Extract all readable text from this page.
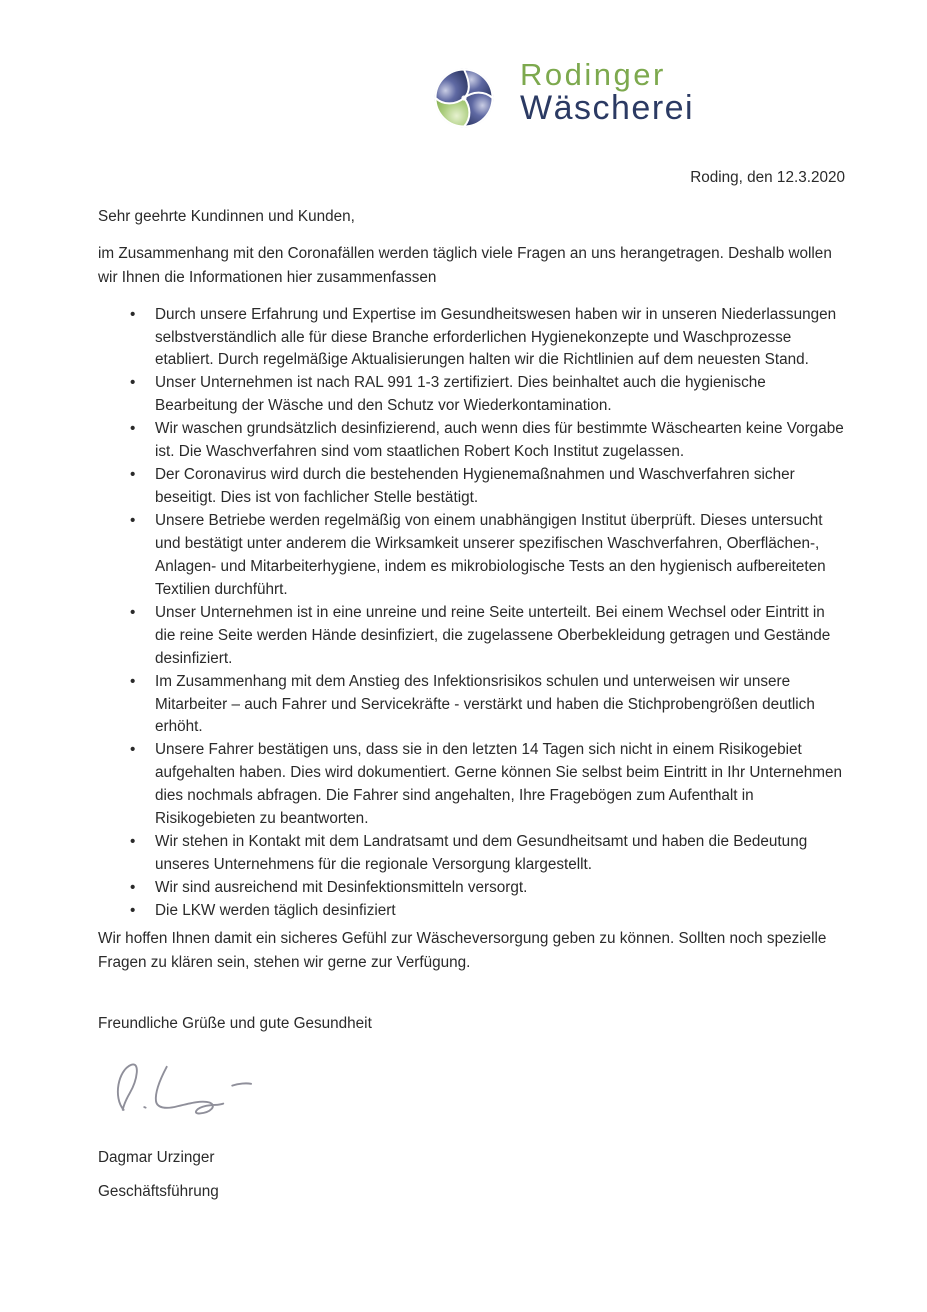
Rodinger
Wäscherei
Roding, den 12.3.2020
Sehr geehrte Kundinnen und Kunden,
im Zusammenhang mit den Coronafällen werden täglich viele Fragen an uns herangetragen. Deshalb wollen wir Ihnen die Informationen hier zusammenfassen
• Durch unsere Erfahrung und Expertise im Gesundheitswesen haben wir in unseren Niederlassungen selbstverständlich alle für diese Branche erforderlichen Hygienekonzepte und Waschprozesse etabliert. Durch regelmäßige Aktualisierungen halten wir die Richtlinien auf dem neuesten Stand.
• Unser Unternehmen ist nach RAL 991 1-3 zertifiziert. Dies beinhaltet auch die hygienische Bearbeitung der Wäsche und den Schutz vor Wiederkontamination.
• Wir waschen grundsätzlich desinfizierend, auch wenn dies für bestimmte Wäschearten keine Vorgabe ist. Die Waschverfahren sind vom staatlichen Robert Koch Institut zugelassen.
• Der Coronavirus wird durch die bestehenden Hygienemaßnahmen und Waschverfahren sicher beseitigt. Dies ist von fachlicher Stelle bestätigt.
• Unsere Betriebe werden regelmäßig von einem unabhängigen Institut überprüft. Dieses untersucht und bestätigt unter anderem die Wirksamkeit unserer spezifischen Waschverfahren, Oberflächen-, Anlagen- und Mitarbeiterhygiene, indem es mikrobiologische Tests an den hygienisch aufbereiteten Textilien durchführt.
• Unser Unternehmen ist in eine unreine und reine Seite unterteilt. Bei einem Wechsel oder Eintritt in die reine Seite werden Hände desinfiziert, die zugelassene Oberbekleidung getragen und Gestände desinfiziert.
• Im Zusammenhang mit dem Anstieg des Infektionsrisikos schulen und unterweisen wir unsere Mitarbeiter – auch Fahrer und Servicekräfte - verstärkt und haben die Stichprobengrößen deutlich erhöht.
• Unsere Fahrer bestätigen uns, dass sie in den letzten 14 Tagen sich nicht in einem Risikogebiet aufgehalten haben. Dies wird dokumentiert. Gerne können Sie selbst beim Eintritt in Ihr Unternehmen dies nochmals abfragen. Die Fahrer sind angehalten, Ihre Fragebögen zum Aufenthalt in Risikogebieten zu beantworten.
• Wir stehen in Kontakt mit dem Landratsamt und dem Gesundheitsamt und haben die Bedeutung unseres Unternehmens für die regionale Versorgung klargestellt.
• Wir sind ausreichend mit Desinfektionsmitteln versorgt.
• Die LKW werden täglich desinfiziert
Wir hoffen Ihnen damit ein sicheres Gefühl zur Wäscheversorgung geben zu können. Sollten noch spezielle Fragen zu klären sein, stehen wir gerne zur Verfügung.
Freundliche Grüße und gute Gesundheit
Dagmar Urzinger
Geschäftsführung
